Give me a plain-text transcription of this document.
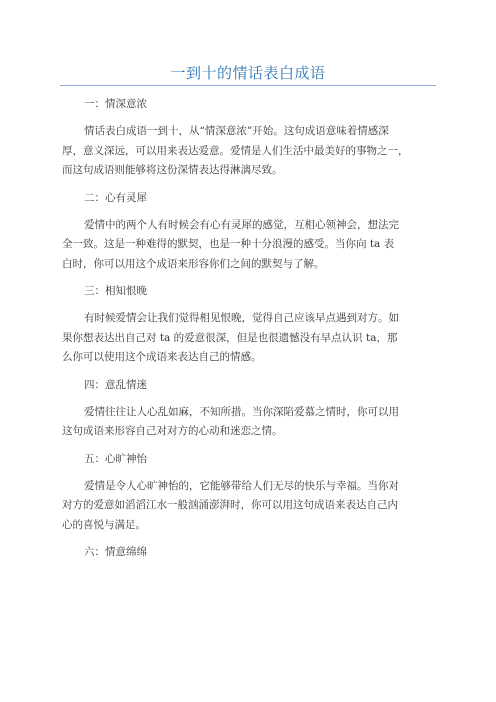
一到十的情话表白成语
一：情深意浓
情话表白成语一到十，从“情深意浓”开始。这句成语意味着情感深
厚，意义深远，可以用来表达爱意。爱情是人们生活中最美好的事物之一，
而这句成语则能够将这份深情表达得淋漓尽致。
二：心有灵犀
爱情中的两个人有时候会有心有灵犀的感觉，互相心领神会，想法完
全一致。这是一种难得的默契，也是一种十分浪漫的感受。当你向 ta 表
白时，你可以用这个成语来形容你们之间的默契与了解。
三：相知恨晚
有时候爱情会让我们觉得相见恨晚，觉得自己应该早点遇到对方。如
果你想表达出自己对 ta 的爱意很深，但是也很遗憾没有早点认识 ta，那
么你可以使用这个成语来表达自己的情感。
四：意乱情迷
爱情往往让人心乱如麻，不知所措。当你深陷爱慕之情时，你可以用
这句成语来形容自己对对方的心动和迷恋之情。
五：心旷神怡
爱情是令人心旷神怡的，它能够带给人们无尽的快乐与幸福。当你对
对方的爱意如滔滔江水一般汹涌澎湃时，你可以用这句成语来表达自己内
心的喜悦与满足。
六：情意绵绵
